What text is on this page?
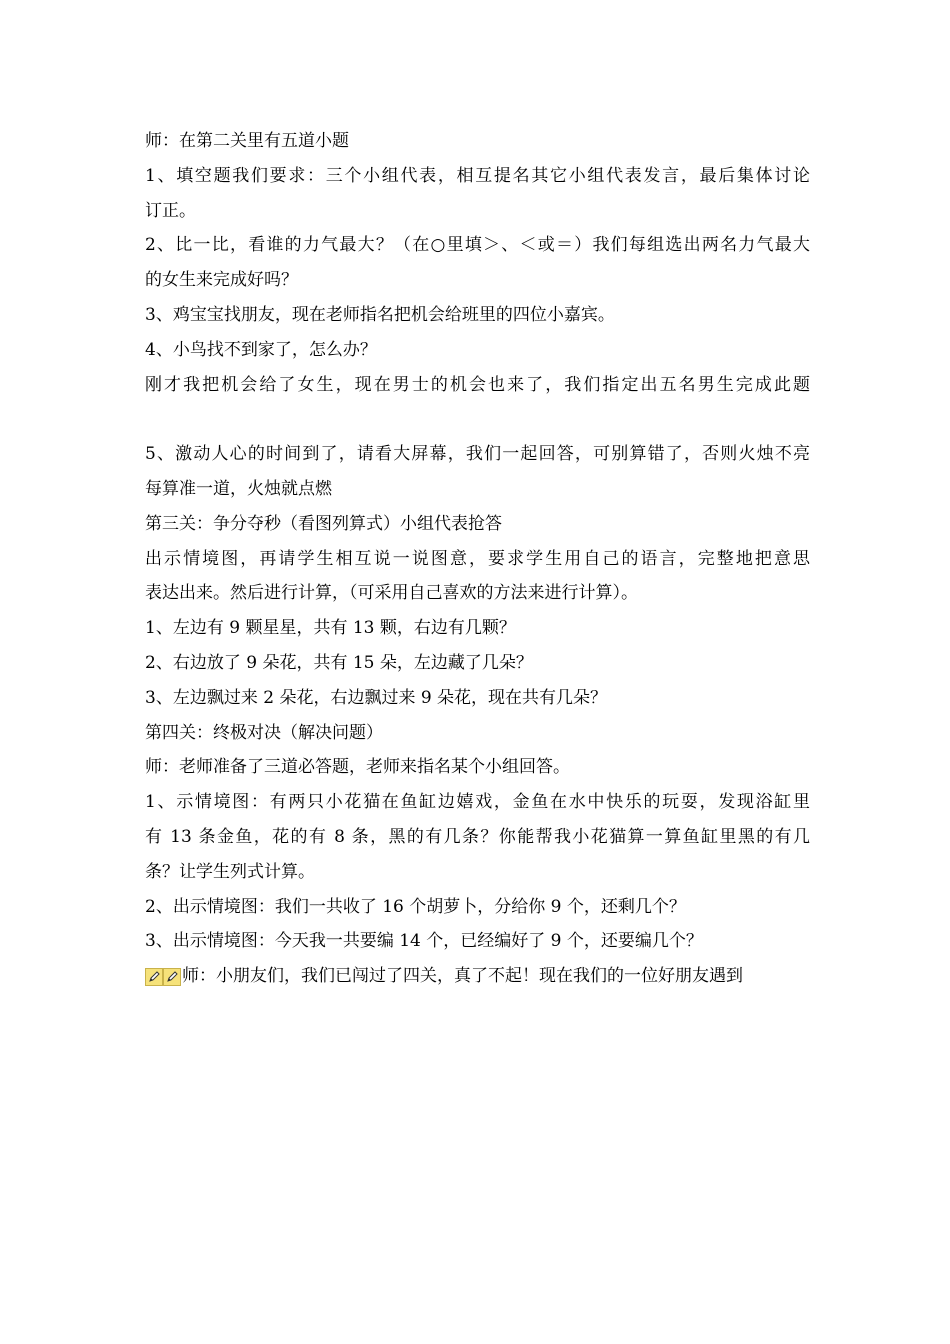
师：在第二关里有五道小题
1、填空题我们要求：三个小组代表，相互提名其它小组代表发言，最后集体讨论
订正。
2、比一比，看谁的力气最大？（在○里填＞、＜或＝）我们每组选出两名力气最大
的女生来完成好吗？
3、鸡宝宝找朋友，现在老师指名把机会给班里的四位小嘉宾。
4、小鸟找不到家了，怎么办？
刚才我把机会给了女生，现在男士的机会也来了，我们指定出五名男生完成此题
5、激动人心的时间到了，请看大屏幕，我们一起回答，可别算错了，否则火烛不亮
每算准一道，火烛就点燃
第三关：争分夺秒（看图列算式）小组代表抢答
出示情境图，再请学生相互说一说图意，要求学生用自己的语言，完整地把意思
表达出来。然后进行计算，（可采用自己喜欢的方法来进行计算）。
1、左边有 9 颗星星，共有 13 颗，右边有几颗？
2、右边放了 9 朵花，共有 15 朵，左边藏了几朵？
3、左边飘过来 2 朵花，右边飘过来 9 朵花，现在共有几朵？
第四关：终极对决（解决问题）
师：老师准备了三道必答题，老师来指名某个小组回答。
1、示情境图：有两只小花猫在鱼缸边嬉戏，金鱼在水中快乐的玩耍，发现浴缸里
有 13 条金鱼，花的有 8 条，黑的有几条？你能帮我小花猫算一算鱼缸里黑的有几
条？让学生列式计算。
2、出示情境图：我们一共收了 16 个胡萝卜，分给你 9 个，还剩几个？
3、出示情境图：今天我一共要编 14 个，已经编好了 9 个，还要编几个？
师：小朋友们，我们已闯过了四关，真了不起！现在我们的一位好朋友遇到
